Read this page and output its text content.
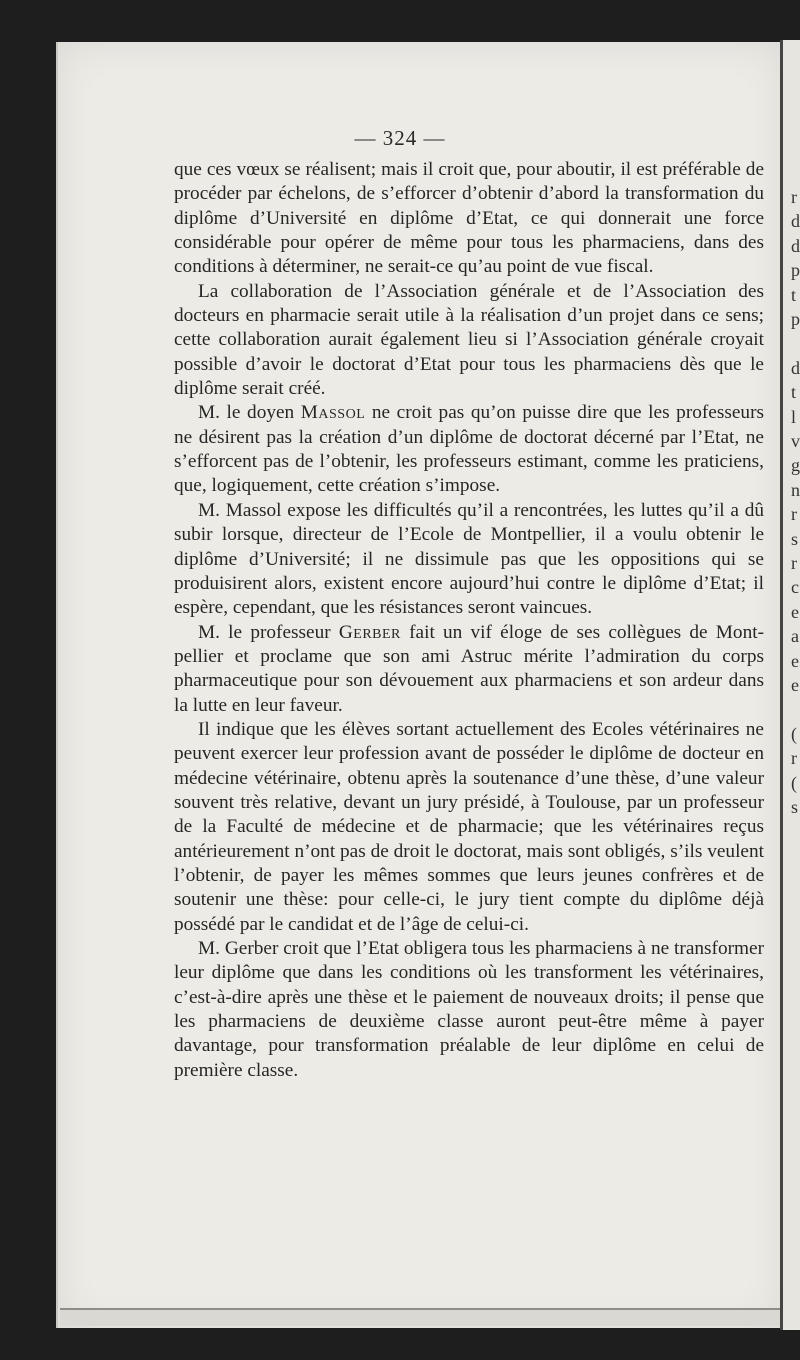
r
d
d
p
t
p
d
t
l
v
g
n
r
s
r
c
e
a
e
e
(
r
(
s
— 324 —

que ces vœux se réalisent; mais il croit que, pour aboutir, il est préférable de procéder par échelons, de s’efforcer d’obtenir d’abord la transformation du diplôme d’Université en diplôme d’Etat, ce qui donnerait une force considérable pour opérer de même pour tous les pharmaciens, dans des conditions à déterminer, ne serait-ce qu’au point de vue fiscal.

La collaboration de l’Association générale et de l’Association des docteurs en pharmacie serait utile à la réalisation d’un projet dans ce sens; cette collaboration aurait également lieu si l’Association générale croyait possible d’avoir le doctorat d’Etat pour tous les pharmaciens dès que le diplôme serait créé.

M. le doyen Massol ne croit pas qu’on puisse dire que les professeurs ne désirent pas la création d’un diplôme de doctorat décerné par l’Etat, ne s’efforcent pas de l’obtenir, les professeurs estimant, comme les praticiens, que, logiquement, cette création s’impose.

M. Massol expose les difficultés qu’il a rencontrées, les luttes qu’il a dû subir lorsque, directeur de l’Ecole de Montpellier, il a voulu obtenir le diplôme d’Université; il ne dissimule pas que les oppositions qui se produisirent alors, existent encore aujourd’hui contre le diplôme d’Etat; il espère, cependant, que les résistances seront vaincues.

M. le professeur Gerber fait un vif éloge de ses collègues de Montpellier et proclame que son ami Astruc mérite l’admiration du corps pharmaceutique pour son dévouement aux pharmaciens et son ardeur dans la lutte en leur faveur.

Il indique que les élèves sortant actuellement des Ecoles vétérinaires ne peuvent exercer leur profession avant de posséder le diplôme de docteur en médecine vétérinaire, obtenu après la soutenance d’une thèse, d’une valeur souvent très relative, devant un jury présidé, à Toulouse, par un professeur de la Faculté de médecine et de pharmacie; que les vétérinaires reçus antérieurement n’ont pas de droit le doctorat, mais sont obligés, s’ils veulent l’obtenir, de payer les mêmes sommes que leurs jeunes confrères et de soutenir une thèse: pour celle-ci, le jury tient compte du diplôme déjà possédé par le candidat et de l’âge de celui-ci.

M. Gerber croit que l’Etat obligera tous les pharmaciens à ne transformer leur diplôme que dans les conditions où les transforment les vétérinaires, c’est-à-dire après une thèse et le paiement de nouveaux droits; il pense que les pharmaciens de deuxième classe auront peut-être même à payer davantage, pour transformation préalable de leur diplôme en celui de première classe.
